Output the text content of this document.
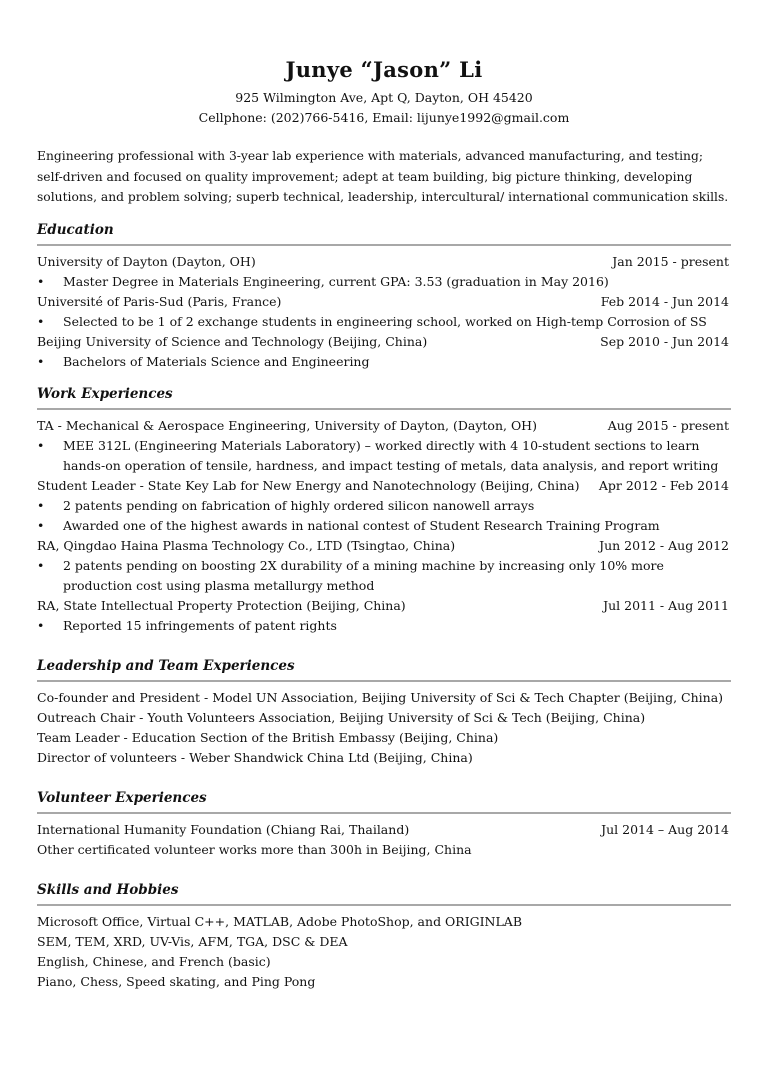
Junye “Jason” Li
925 Wilmington Ave, Apt Q, Dayton, OH 45420
Cellphone: (202)766-5416, Email: lijunye1992@gmail.com
Engineering professional with 3-year lab experience with materials, advanced manufacturing, and testing; self-driven and focused on quality improvement; adept at team building, big picture thinking, developing solutions, and problem solving; superb technical, leadership, intercultural/ international communication skills.
Education
University of Dayton (Dayton, OH)	Jan 2015 - present
•	Master Degree in Materials Engineering, current GPA: 3.53 (graduation in May 2016)
Université of Paris-Sud (Paris, France)	Feb 2014 - Jun 2014
•	Selected to be 1 of 2 exchange students in engineering school, worked on High-temp Corrosion of SS
Beijing University of Science and Technology (Beijing, China)	Sep 2010 - Jun 2014
•	Bachelors of Materials Science and Engineering
Work Experiences
TA - Mechanical & Aerospace Engineering, University of Dayton, (Dayton, OH)	Aug 2015 - present
•	MEE 312L (Engineering Materials Laboratory) – worked directly with 4 10-student sections to learn hands-on operation of tensile, hardness, and impact testing of metals, data analysis, and report writing
Student Leader - State Key Lab for New Energy and Nanotechnology (Beijing, China) Apr 2012 - Feb 2014
•	2 patents pending on fabrication of highly ordered silicon nanowell arrays
•	Awarded one of the highest awards in national contest of Student Research Training Program
RA, Qingdao Haina Plasma Technology Co., LTD (Tsingtao, China)	Jun 2012 - Aug 2012
•	2 patents pending on boosting 2X durability of a mining machine by increasing only 10% more production cost using plasma metallurgy method
RA, State Intellectual Property Protection (Beijing, China)	Jul 2011 - Aug 2011
•	Reported 15 infringements of patent rights
Leadership and Team Experiences
Co-founder and President - Model UN Association, Beijing University of Sci & Tech Chapter (Beijing, China)
Outreach Chair - Youth Volunteers Association, Beijing University of Sci & Tech (Beijing, China)
Team Leader - Education Section of the British Embassy (Beijing, China)
Director of volunteers - Weber Shandwick China Ltd (Beijing, China)
Volunteer Experiences
International Humanity Foundation (Chiang Rai, Thailand)	Jul 2014 – Aug 2014
Other certificated volunteer works more than 300h in Beijing, China
Skills and Hobbies
Microsoft Office, Virtual C++, MATLAB, Adobe PhotoShop, and ORIGINLAB
SEM, TEM, XRD, UV-Vis, AFM, TGA, DSC & DEA
English, Chinese, and French (basic)
Piano, Chess, Speed skating, and Ping Pong
